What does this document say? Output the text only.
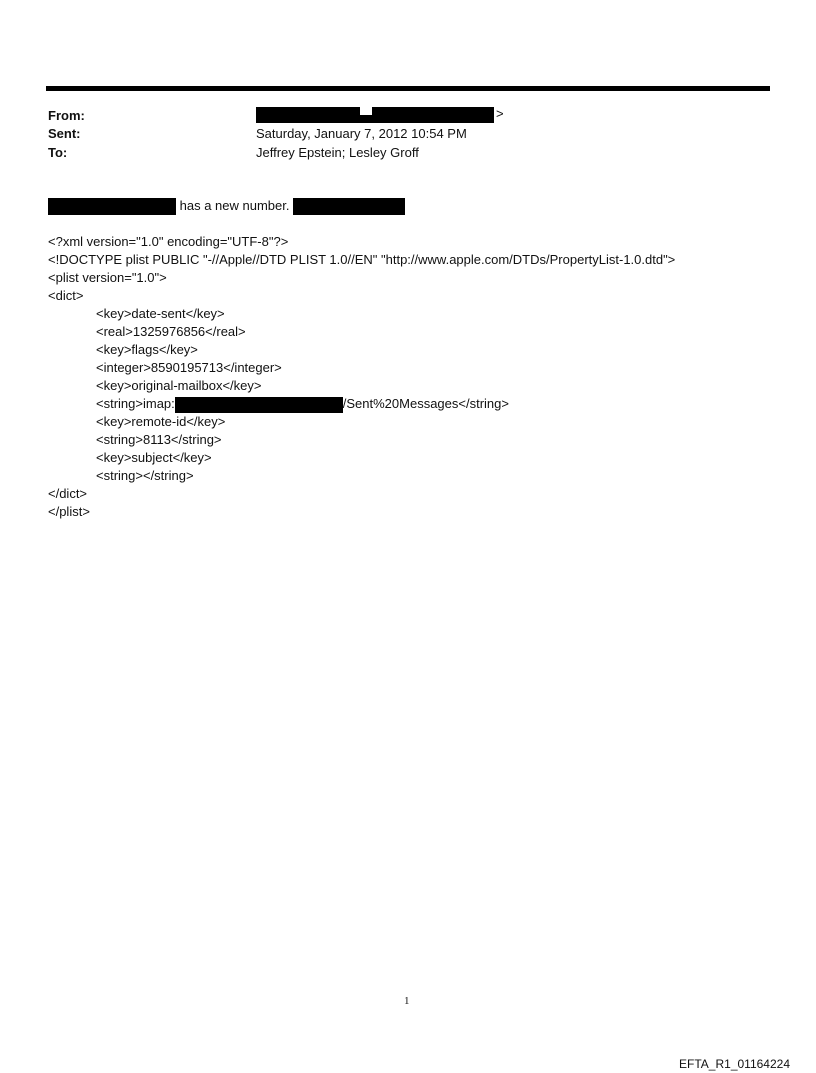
From:	>
Sent:	Saturday, January 7, 2012 10:54 PM
To:	Jeffrey Epstein; Lesley Groff
has a new number.
<?xml version="1.0" encoding="UTF-8"?>
<!DOCTYPE plist PUBLIC "-//Apple//DTD PLIST 1.0//EN" "http://www.apple.com/DTDs/PropertyList-1.0.dtd">
<plist version="1.0">
<dict>
<key>date-sent</key>
<real>1325976856</real>
<key>flags</key>
<integer>8590195713</integer>
<key>original-mailbox</key>
<string>imap:	/Sent%20Messages</string>
<key>remote-id</key>
<string>8113</string>
<key>subject</key>
<string></string>
</dict>
</plist>
1
EFTA_R1_01164224
